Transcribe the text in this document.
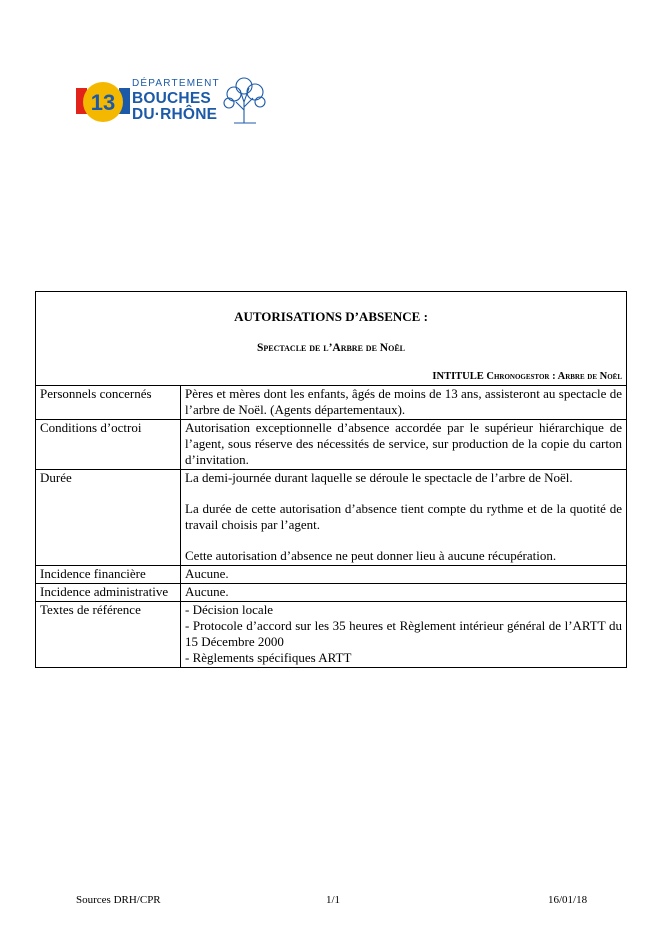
13
DÉPARTEMENT
BOUCHES
DU·RHÔNE
AUTORISATIONS D’ABSENCE :
Spectacle de l’Arbre de Noël
INTITULE Chronogestor : Arbre de Noël
Personnels concernés	Pères et mères dont les enfants, âgés de moins de 13 ans, assisteront au spectacle de l’arbre de Noël. (Agents départementaux).

Conditions d’octroi	Autorisation exceptionnelle d’absence accordée par le supérieur hiérarchique de l’agent, sous réserve des nécessités de service, sur production de la copie du carton d’invitation.

Durée	La demi-journée durant laquelle se déroule le spectacle de l’arbre de Noël.
La durée de cette autorisation d’absence tient compte du rythme et de la quotité de travail choisis par l’agent.
Cette autorisation d’absence ne peut donner lieu à aucune récupération.

Incidence financière	Aucune.

Incidence administrative	Aucune.

Textes de référence	- Décision locale
- Protocole d’accord sur les 35 heures et Règlement intérieur général de l’ARTT du 15 Décembre 2000
- Règlements spécifiques ARTT
Sources DRH/CPR	1/1	16/01/18
